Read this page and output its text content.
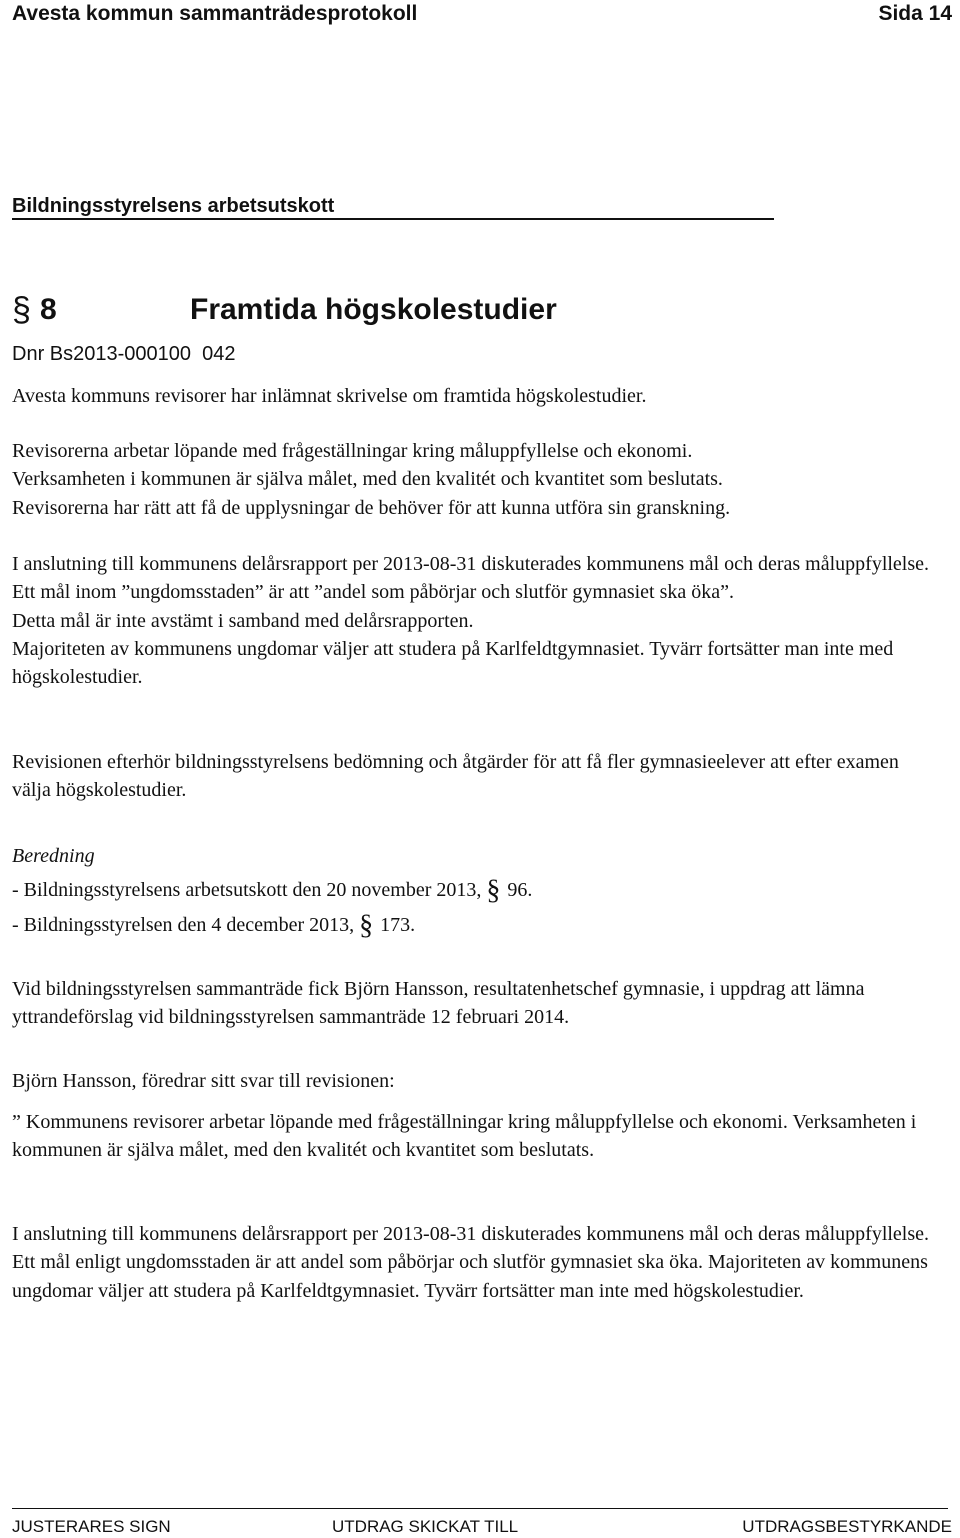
Avesta kommun sammanträdesprotokoll	Sida 14
Bildningsstyrelsens arbetsutskott
§ 8	Framtida högskolestudier
Dnr Bs2013-000100  042

Avesta kommuns revisorer har inlämnat skrivelse om framtida högskolestudier.

Revisorerna arbetar löpande med frågeställningar kring måluppfyllelse och ekonomi.

Verksamheten i kommunen är själva målet, med den kvalitét och kvantitet som beslutats.

Revisorerna har rätt att få de upplysningar de behöver för att kunna utföra sin granskning.

I anslutning till kommunens delårsrapport per 2013-08-31 diskuterades kommunens mål och deras måluppfyllelse.

Ett mål inom ”ungdomsstaden” är att ”andel som påbörjar och slutför gymnasiet ska öka”.

Detta mål är inte avstämt i samband med delårsrapporten.

Majoriteten av kommunens ungdomar väljer att studera på Karlfeldtgymnasiet. Tyvärr fortsätter man inte med högskolestudier.

Revisionen efterhör bildningsstyrelsens bedömning och åtgärder för att få fler gymnasieelever att efter examen välja högskolestudier.

Beredning

- Bildningsstyrelsens arbetsutskott den 20 november 2013, § 96.

- Bildningsstyrelsen den 4 december 2013, § 173.

Vid bildningsstyrelsen sammanträde fick Björn Hansson, resultatenhetschef gymnasie, i uppdrag att lämna yttrandeförslag vid bildningsstyrelsen sammanträde 12 februari 2014.

Björn Hansson, föredrar sitt svar till revisionen:

” Kommunens revisorer arbetar löpande med frågeställningar kring måluppfyllelse och ekonomi. Verksamheten i kommunen är själva målet, med den kvalitét och kvantitet som beslutats.

I anslutning till kommunens delårsrapport per 2013-08-31 diskuterades kommunens mål och deras måluppfyllelse. Ett mål enligt ungdomsstaden är att andel som påbörjar och slutför gymnasiet ska öka. Majoriteten av kommunens ungdomar väljer att studera på Karlfeldtgymnasiet. Tyvärr fortsätter man inte med högskolestudier.

JUSTERARES SIGN	UTDRAG SKICKAT TILL	UTDRAGSBESTYRKANDE
